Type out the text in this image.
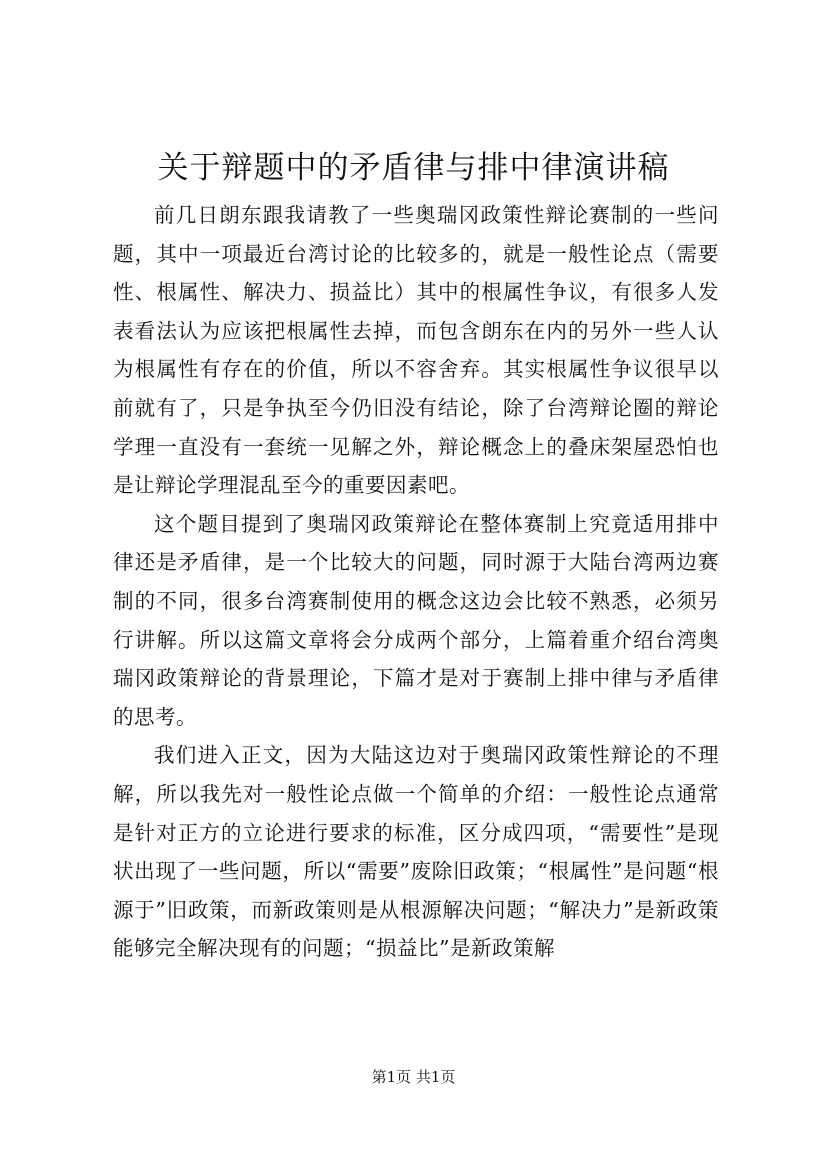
关于辩题中的矛盾律与排中律演讲稿

前几日朗东跟我请教了一些奥瑞冈政策性辩论赛制的一些问题，其中一项最近台湾讨论的比较多的，就是一般性论点（需要性、根属性、解决力、损益比）其中的根属性争议，有很多人发表看法认为应该把根属性去掉，而包含朗东在内的另外一些人认为根属性有存在的价值，所以不容舍弃。其实根属性争议很早以前就有了，只是争执至今仍旧没有结论，除了台湾辩论圈的辩论学理一直没有一套统一见解之外，辩论概念上的叠床架屋恐怕也是让辩论学理混乱至今的重要因素吧。

这个题目提到了奥瑞冈政策辩论在整体赛制上究竟适用排中律还是矛盾律，是一个比较大的问题，同时源于大陆台湾两边赛制的不同，很多台湾赛制使用的概念这边会比较不熟悉，必须另行讲解。所以这篇文章将会分成两个部分，上篇着重介绍台湾奥瑞冈政策辩论的背景理论，下篇才是对于赛制上排中律与矛盾律的思考。

我们进入正文，因为大陆这边对于奥瑞冈政策性辩论的不理解，所以我先对一般性论点做一个简单的介绍：一般性论点通常是针对正方的立论进行要求的标准，区分成四项，“需要性”是现状出现了一些问题，所以“需要”废除旧政策；“根属性”是问题“根源于”旧政策，而新政策则是从根源解决问题；“解决力”是新政策能够完全解决现有的问题；“损益比”是新政策解

第1页 共1页
